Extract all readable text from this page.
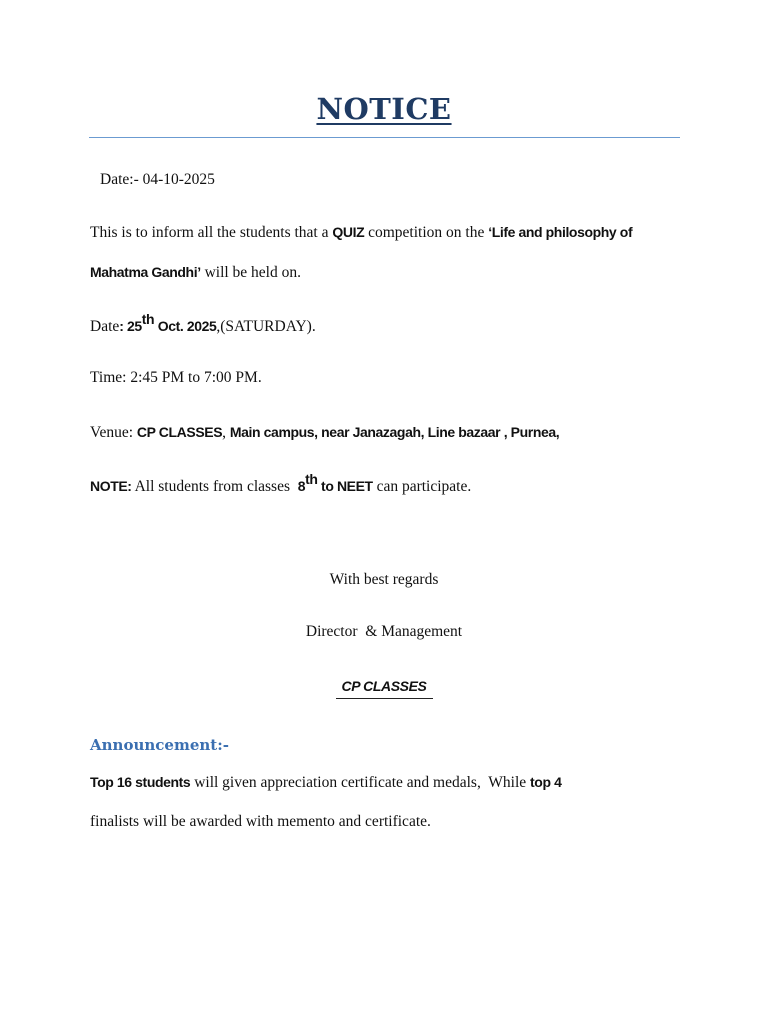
NOTICE
Date:- 04-10-2025
This is to inform all the students that a QUIZ competition on the ‘Life and philosophy of
Mahatma Gandhi’ will be held on.
Date: 25th Oct. 2025,(SATURDAY).
Time: 2:45 PM to 7:00 PM.
Venue: CP CLASSES, Main campus, near Janazagah, Line bazaar , Purnea,
NOTE: All students from classes  8th to NEET can participate.
With best regards
Director  & Management
CP CLASSES
Announcement:-
Top 16 students will given appreciation certificate and medals,  While top 4
finalists will be awarded with memento and certificate.
